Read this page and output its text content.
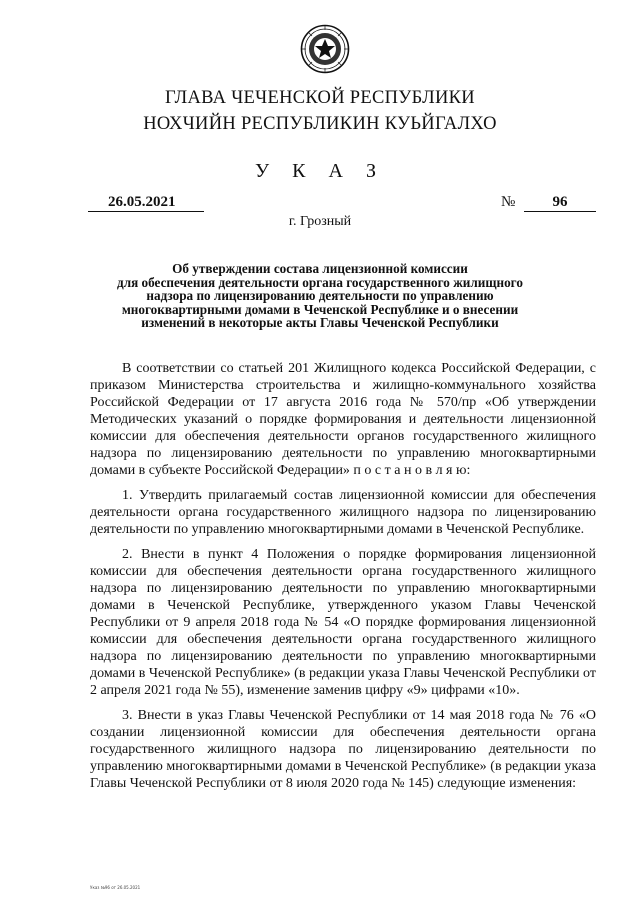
ГЛАВА ЧЕЧЕНСКОЙ РЕСПУБЛИКИ
НОХЧИЙН РЕСПУБЛИКИН КУЬЙГАЛХО
У К А З
26.05.2021	№	96
г. Грозный
Об утверждении состава лицензионной комиссии
для обеспечения деятельности органа государственного жилищного
надзора по лицензированию деятельности по управлению
многоквартирными домами в Чеченской Республике и о внесении
изменений в некоторые акты Главы Чеченской Республики

В соответствии со статьей 201 Жилищного кодекса Российской Федерации, с приказом Министерства строительства и жилищно-коммунального хозяйства Российской Федерации от 17 августа 2016 года № 570/пр «Об утверждении Методических указаний о порядке формирования и деятельности лицензионной комиссии для обеспечения деятельности органов государственного жилищного надзора по лицензированию деятельности по управлению многоквартирными домами в субъекте Российской Федерации» п о с т а н о в л я ю:

1. Утвердить прилагаемый состав лицензионной комиссии для обеспечения деятельности органа государственного жилищного надзора по лицензированию деятельности по управлению многоквартирными домами в Чеченской Республике.

2. Внести в пункт 4 Положения о порядке формирования лицензионной комиссии для обеспечения деятельности органа государственного жилищного надзора по лицензированию деятельности по управлению многоквартирными домами в Чеченской Республике, утвержденного указом Главы Чеченской Республики от 9 апреля 2018 года № 54 «О порядке формирования лицензионной комиссии для обеспечения деятельности органа государственного жилищного надзора по лицензированию деятельности по управлению многоквартирными домами в Чеченской Республике» (в редакции указа Главы Чеченской Республики от 2 апреля 2021 года № 55), изменение заменив цифру «9» цифрами «10».

3. Внести в указ Главы Чеченской Республики от 14 мая 2018 года № 76 «О создании лицензионной комиссии для обеспечения деятельности органа государственного жилищного надзора по лицензированию деятельности по управлению многоквартирными домами в Чеченской Республике» (в редакции указа Главы Чеченской Республики от 8 июля 2020 года № 145) следующие изменения:

Указ №96 от 26.05.2021
